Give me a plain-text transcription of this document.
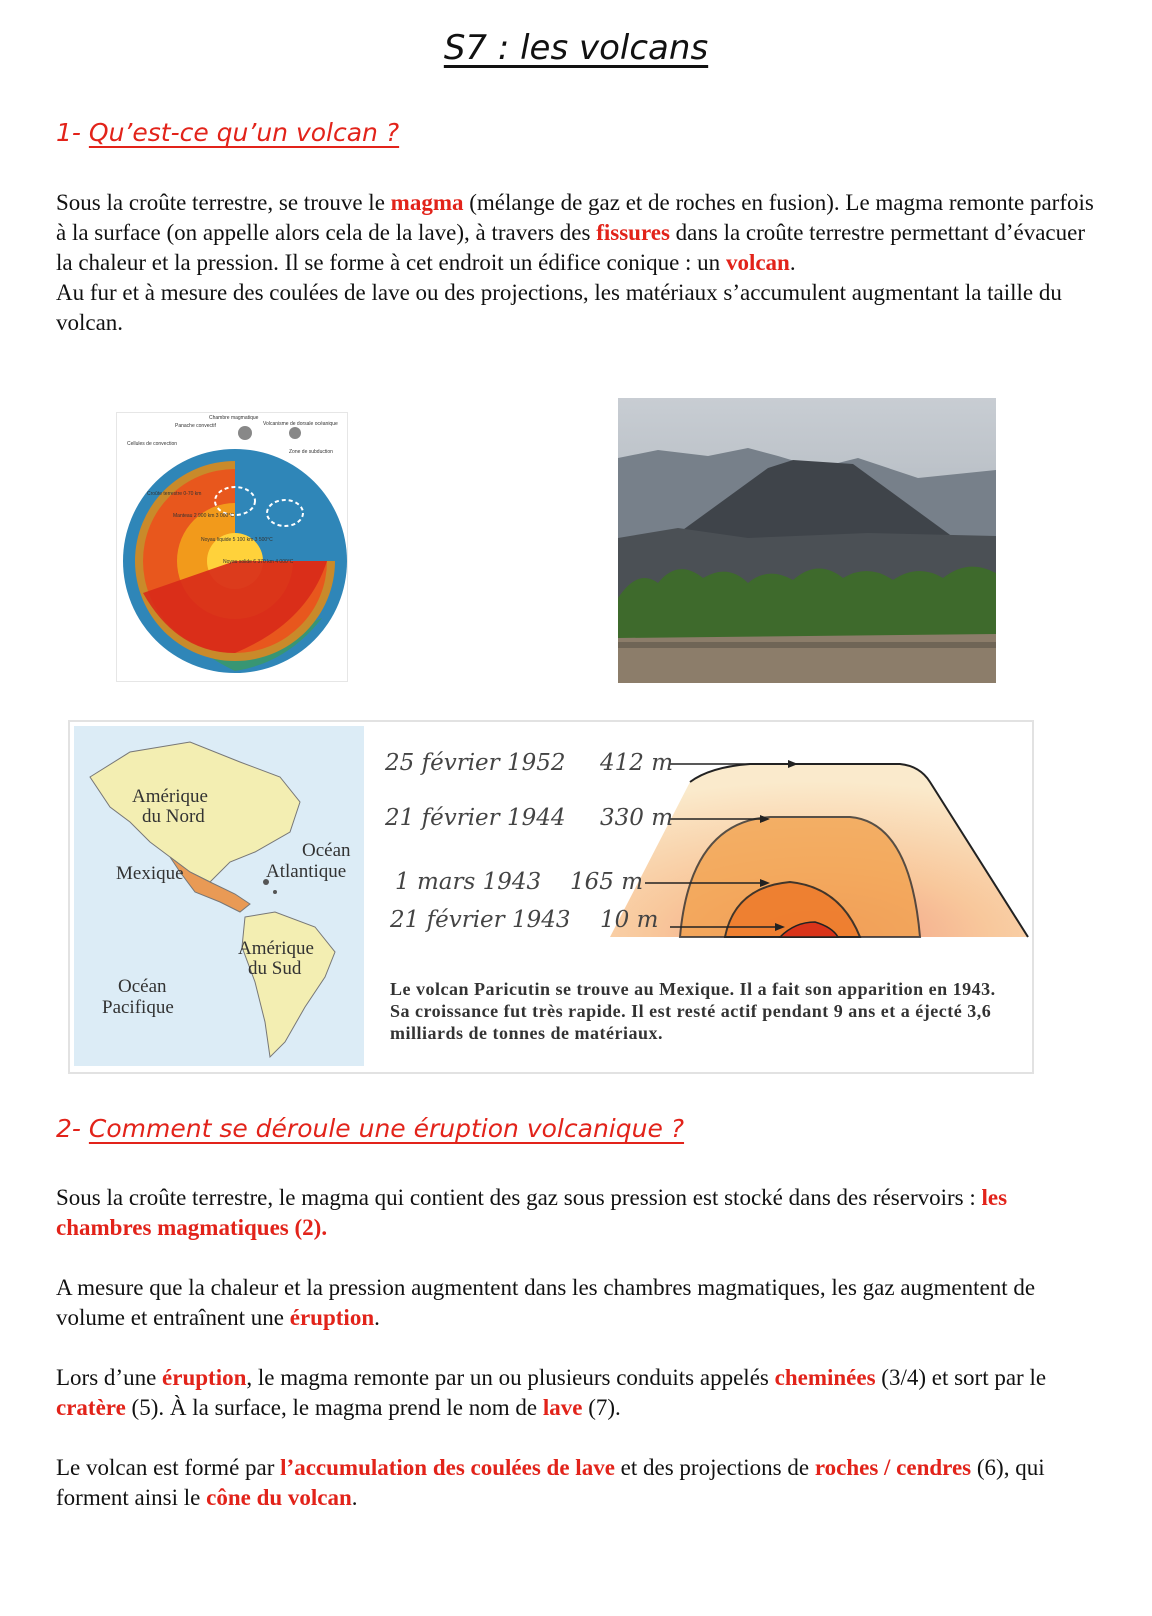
S7 : les volcans
1- Qu’est-ce qu’un volcan ?

Sous la croûte terrestre, se trouve le magma (mélange de gaz et de roches en fusion). Le magma remonte parfois à la surface (on appelle alors cela de la lave), à travers des fissures dans la croûte terrestre permettant d’évacuer la chaleur et la pression. Il se forme à cet endroit un édifice conique : un volcan.

Au fur et à mesure des coulées de lave ou des projections, les matériaux s’accumulent augmentant la taille du volcan.

Chambre magmatique
Panache convectif	Volcanisme de dorsale océanique
Cellules de convection
Zone de subduction
Croûte terrestre 0-70 km
Manteau 2 900 km 3 000°C
Noyau liquide 5 100 km 3 500°C
Noyau solide 6 370 km 4 000°C
25 février 1952 412 m
21 février 1944 330 m
1 mars 1943 165 m
21 février 1943 10 m
Amérique
du Nord
Mexique
Océan
Atlantique
Amérique
du Sud
Océan
Pacifique
Le volcan Paricutin se trouve au Mexique. Il a fait son apparition en 1943. Sa croissance fut très rapide. Il est resté actif pendant 9 ans et a éjecté 3,6 milliards de tonnes de matériaux.
2- Comment se déroule une éruption volcanique ?

Sous la croûte terrestre, le magma qui contient des gaz sous pression est stocké dans des réservoirs : les chambres magmatiques (2).

A mesure que la chaleur et la pression augmentent dans les chambres magmatiques, les gaz augmentent de volume et entraînent une éruption.

Lors d’une éruption, le magma remonte par un ou plusieurs conduits appelés cheminées (3/4) et sort par le cratère (5). À la surface, le magma prend le nom de lave (7).

Le volcan est formé par l’accumulation des coulées de lave et des projections de roches / cendres (6), qui forment ainsi le cône du volcan.
